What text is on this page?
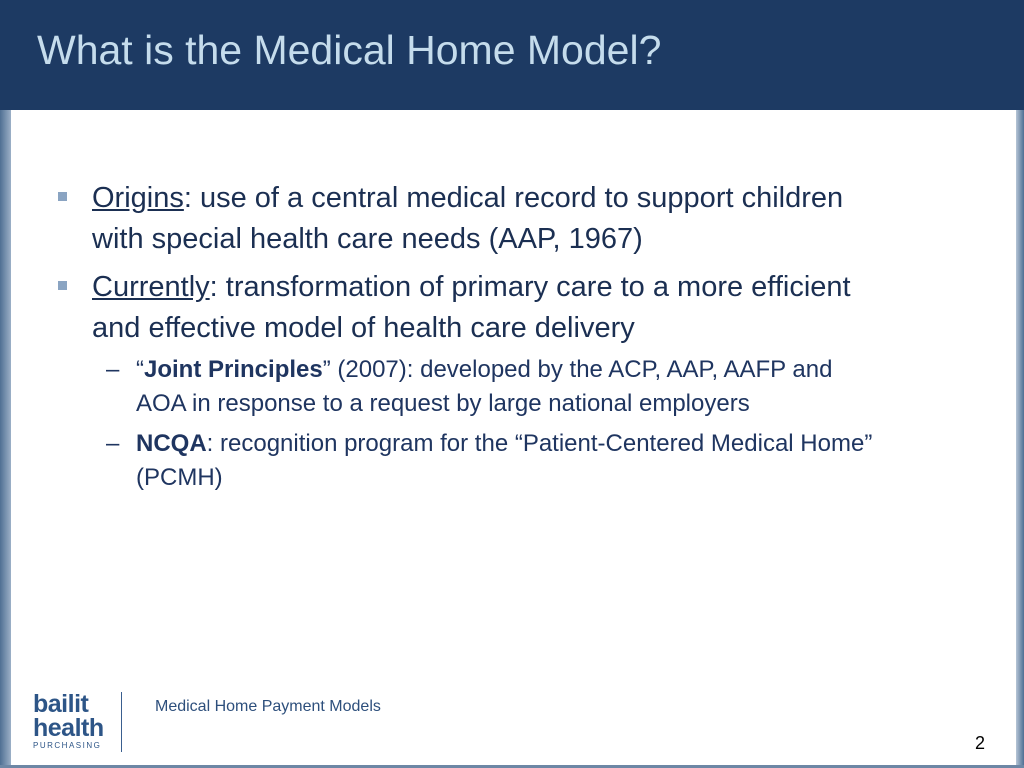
What is the Medical Home Model?
Origins: use of a central medical record to support children with special health care needs (AAP, 1967)
Currently: transformation of primary care to a more efficient and effective model of health care delivery
– “Joint Principles” (2007): developed by the ACP, AAP, AAFP and AOA in response to a request by large national employers
– NCQA: recognition program for the “Patient-Centered Medical Home” (PCMH)
bailit
health
PURCHASING
Medical Home Payment Models
2
